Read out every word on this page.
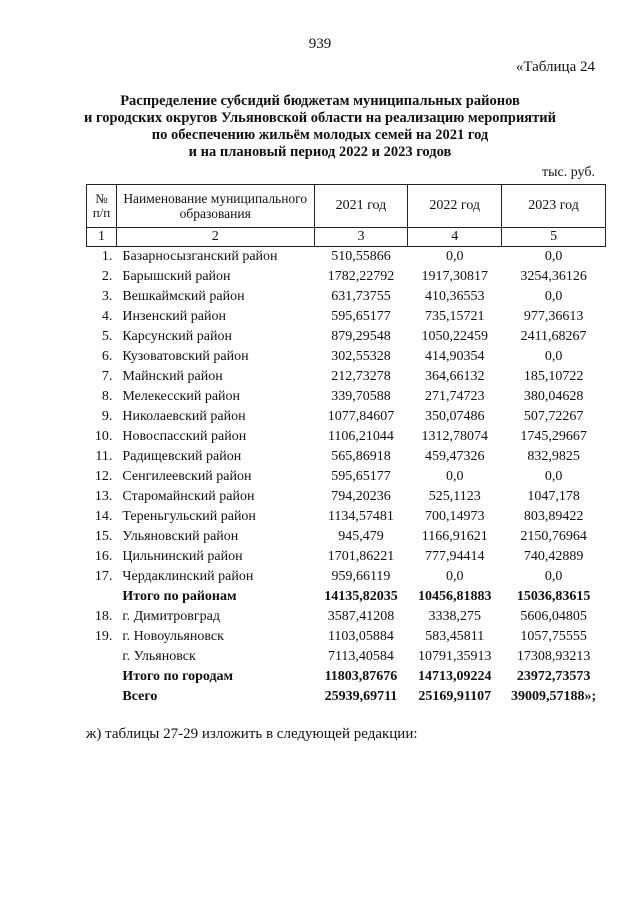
939
«Таблица 24
Распределение субсидий бюджетам муниципальных районов
и городских округов Ульяновской области на реализацию мероприятий
по обеспечению жильём молодых семей на 2021 год
и на плановый период 2022 и 2023 годов
тыс. руб.
№ п/п	Наименование муниципального образования	2021 год	2022 год	2023 год
1	2	3	4	5
1.	Базарносызганский район	510,55866	0,0	0,0
2.	Барышский район	1782,22792	1917,30817	3254,36126
3.	Вешкаймский район	631,73755	410,36553	0,0
4.	Инзенский район	595,65177	735,15721	977,36613
5.	Карсунский район	879,29548	1050,22459	2411,68267
6.	Кузоватовский район	302,55328	414,90354	0,0
7.	Майнский район	212,73278	364,66132	185,10722
8.	Мелекесский район	339,70588	271,74723	380,04628
9.	Николаевский район	1077,84607	350,07486	507,72267
10.	Новоспасский район	1106,21044	1312,78074	1745,29667
11.	Радищевский район	565,86918	459,47326	832,9825
12.	Сенгилеевский район	595,65177	0,0	0,0
13.	Старомайнский район	794,20236	525,1123	1047,178
14.	Тереньгульский район	1134,57481	700,14973	803,89422
15.	Ульяновский район	945,479	1166,91621	2150,76964
16.	Цильнинский район	1701,86221	777,94414	740,42889
17.	Чердаклинский район	959,66119	0,0	0,0
	Итого по районам	14135,82035	10456,81883	15036,83615
18.	г. Димитровград	3587,41208	3338,275	5606,04805
19.	г. Новоульяновск	1103,05884	583,45811	1057,75555
	г. Ульяновск	7113,40584	10791,35913	17308,93213
	Итого по городам	11803,87676	14713,09224	23972,73573
	Всего	25939,69711	25169,91107	39009,57188»;
ж) таблицы 27-29 изложить в следующей редакции:
